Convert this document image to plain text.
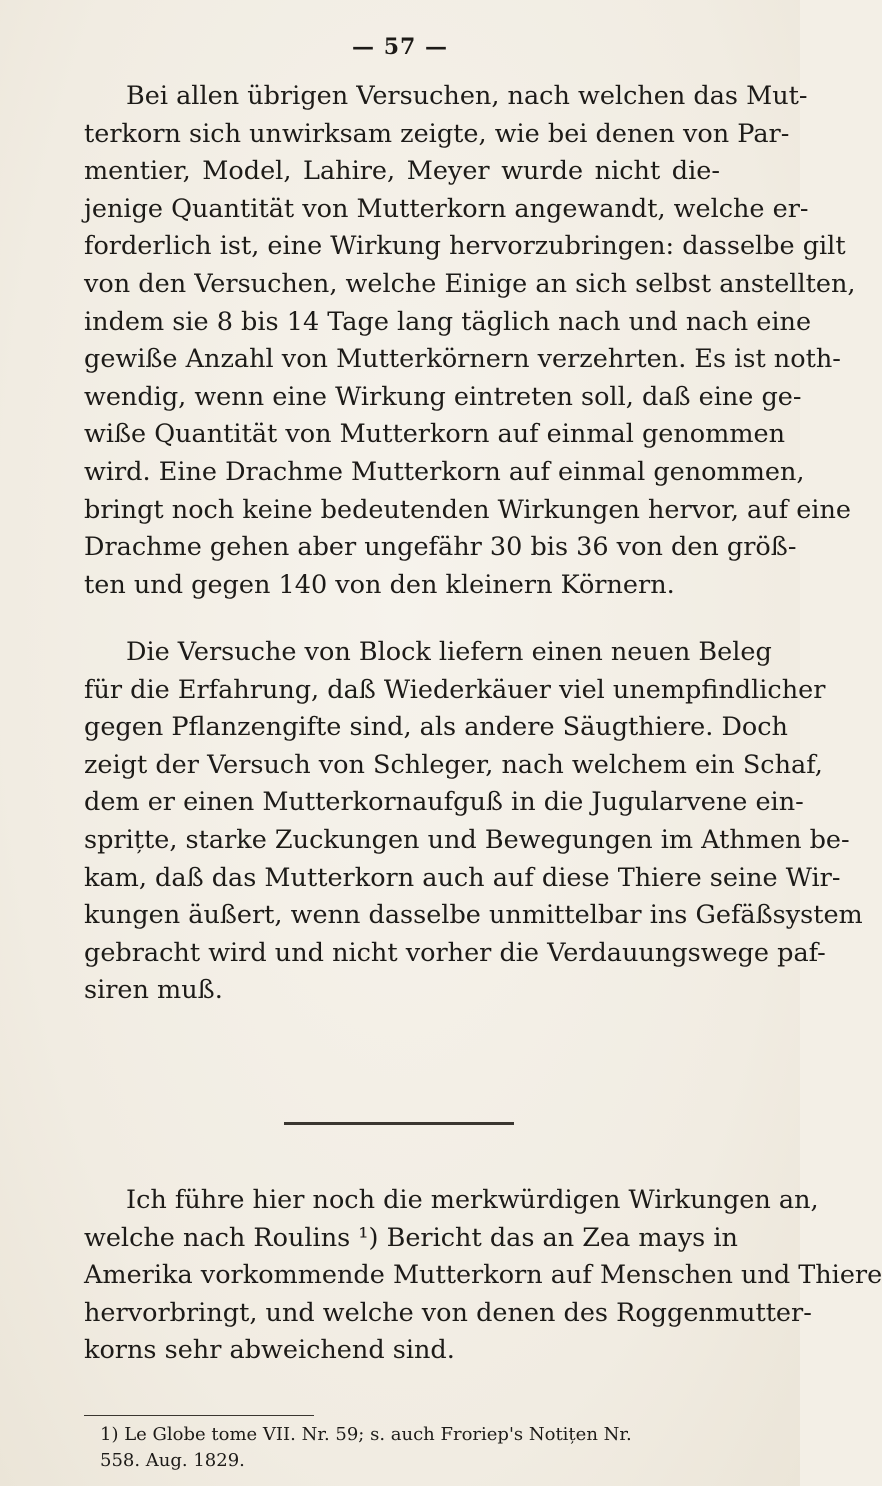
— 57 —
Bei allen übrigen Versuchen, nach welchen das Mut-
terkorn sich unwirksam zeigte, wie bei denen von Par-
mentier, Model, Lahire, Meyer wurde nicht die-
jenige Quantität von Mutterkorn angewandt, welche er-
forderlich ist, eine Wirkung hervorzubringen: dasselbe gilt
von den Versuchen, welche Einige an sich selbst anstellten,
indem sie 8 bis 14 Tage lang täglich nach und nach eine
gewiße Anzahl von Mutterkörnern verzehrten. Es ist noth-
wendig, wenn eine Wirkung eintreten soll, daß eine ge-
wiße Quantität von Mutterkorn auf einmal genommen
wird. Eine Drachme Mutterkorn auf einmal genommen,
bringt noch keine bedeutenden Wirkungen hervor, auf eine
Drachme gehen aber ungefähr 30 bis 36 von den größ-
ten und gegen 140 von den kleinern Körnern.
Die Versuche von Block liefern einen neuen Beleg
für die Erfahrung, daß Wiederkäuer viel unempfindlicher
gegen Pflanzengifte sind, als andere Säugthiere. Doch
zeigt der Versuch von Schleger, nach welchem ein Schaf,
dem er einen Mutterkornaufguß in die Jugularvene ein-
sprițte, starke Zuckungen und Bewegungen im Athmen be-
kam, daß das Mutterkorn auch auf diese Thiere seine Wir-
kungen äußert, wenn dasselbe unmittelbar ins Gefäßsystem
gebracht wird und nicht vorher die Verdauungswege paf-
siren muß.
Ich führe hier noch die merkwürdigen Wirkungen an,
welche nach Roulins ¹) Bericht das an Zea mays in
Amerika vorkommende Mutterkorn auf Menschen und Thiere
hervorbringt, und welche von denen des Roggenmutter-
korns sehr abweichend sind.
1) Le Globe tome VII. Nr. 59; s. auch Froriep's Notițen Nr.
558. Aug. 1829.
